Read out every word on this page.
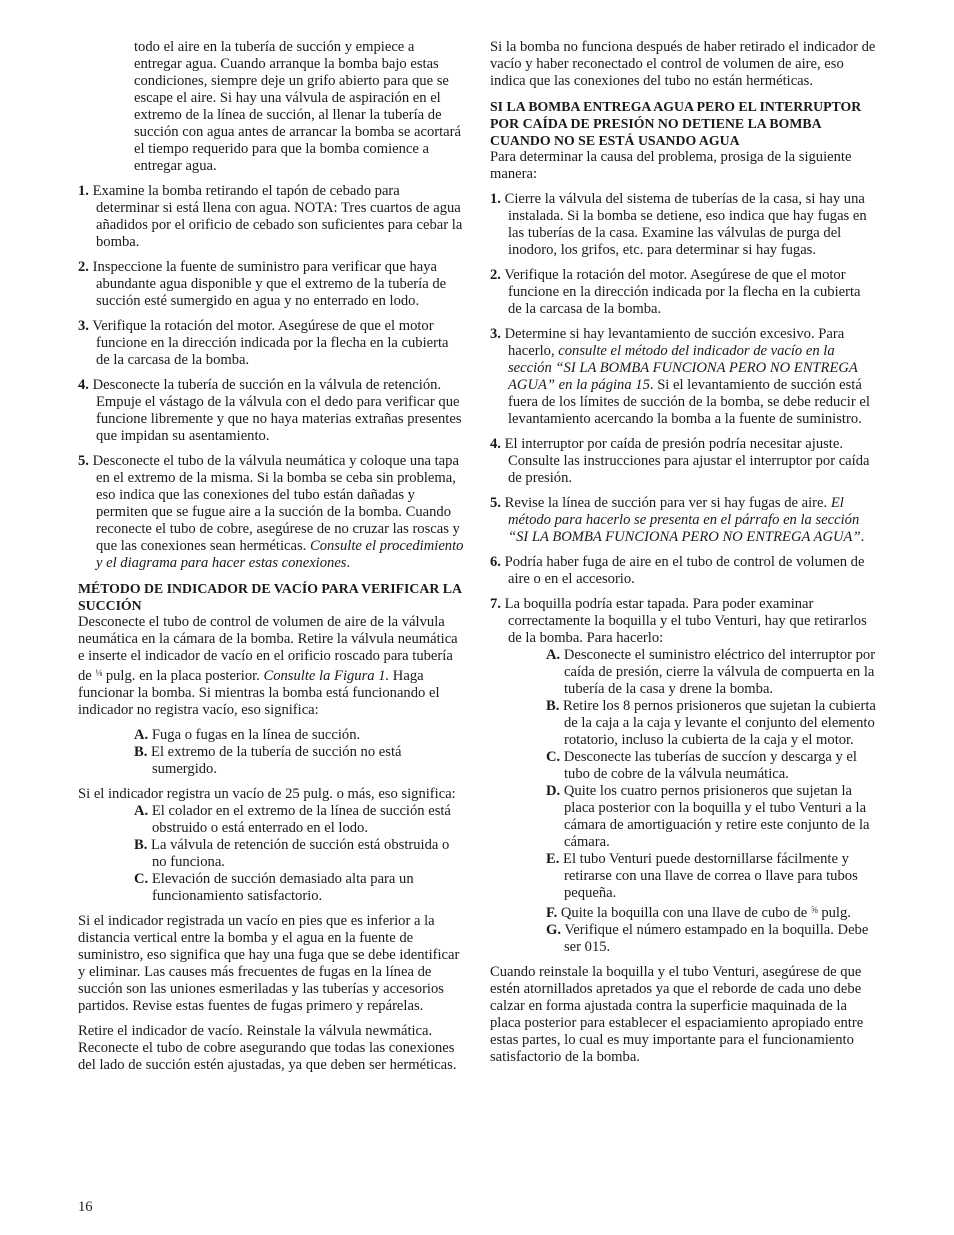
todo el aire en la tubería de succión y empiece a entregar agua. Cuando arranque la bomba bajo estas condiciones, siempre deje un grifo abierto para que se escape el aire. Si hay una válvula de aspiración en el extremo de la línea de succión, al llenar la tubería de succión con agua antes de arrancar la bomba se acortará el tiempo requerido para que la bomba comience a entregar agua.

1. Examine la bomba retirando el tapón de cebado para determinar si está llena con agua. NOTA: Tres cuartos de agua añadidos por el orificio de cebado son suficientes para cebar la bomba.

2. Inspeccione la fuente de suministro para verificar que haya abundante agua disponible y que el extremo de la tubería de succión esté sumergido en agua y no enterrado en lodo.

3. Verifique la rotación del motor. Asegúrese de que el motor funcione en la dirección indicada por la flecha en la cubierta de la carcasa de la bomba.

4. Desconecte la tubería de succión en la válvula de retención. Empuje el vástago de la válvula con el dedo para verificar que funcione libremente y que no haya materias extrañas presentes que impidan su asentamiento.

5. Desconecte el tubo de la válvula neumática y coloque una tapa en el extremo de la misma. Si la bomba se ceba sin problema, eso indica que las conexiones del tubo están dañadas y permiten que se fugue aire a la succión de la bomba. Cuando reconecte el tubo de cobre, asegúrese de no cruzar las roscas y que las conexiones sean herméticas. Consulte el procedimiento y el diagrama para hacer estas conexiones.

MÉTODO DE INDICADOR DE VACÍO PARA VERIFICAR LA SUCCIÓN

Desconecte el tubo de control de volumen de aire de la válvula neumática en la cámara de la bomba. Retire la válvula neumática e inserte el indicador de vacío en el orificio roscado para tubería de $^{\frac{1}{8}}$ pulg. en la placa posterior. Consulte la Figura 1. Haga funcionar la bomba. Si mientras la bomba está funcionando el indicador no registra vacío, eso significa:

A. Fuga o fugas en la línea de succión.

B. El extremo de la tubería de succión no está sumergido.

Si el indicador registra un vacío de 25 pulg. o más, eso significa:

A. El colador en el extremo de la línea de succión está obstruido o está enterrado en el lodo.

B. La válvula de retención de succión está obstruida o no funciona.

C. Elevación de succión demasiado alta para un funcionamiento satisfactorio.

Si el indicador registrada un vacío en pies que es inferior a la distancia vertical entre la bomba y el agua en la fuente de suministro, eso significa que hay una fuga que se debe identificar y eliminar. Las causes más frecuentes de fugas en la línea de succión son las uniones esmeriladas y las tuberías y accesorios partidos. Revise estas fuentes de fugas primero y repárelas.

Retire el indicador de vacío. Reinstale la válvula newmática. Reconecte el tubo de cobre asegurando que todas las conexiones del lado de succión estén ajustadas, ya que deben ser herméticas.

Si la bomba no funciona después de haber retirado el indicador de vacío y haber reconectado el control de volumen de aire, eso indica que las conexiones del tubo no están herméticas.

SI LA BOMBA ENTREGA AGUA PERO EL INTERRUPTOR POR CAÍDA DE PRESIÓN NO DETIENE LA BOMBA CUANDO NO SE ESTÁ USANDO AGUA

Para determinar la causa del problema, prosiga de la siguiente manera:

1. Cierre la válvula del sistema de tuberías de la casa, si hay una instalada. Si la bomba se detiene, eso indica que hay fugas en las tuberías de la casa. Examine las válvulas de purga del inodoro, los grifos, etc. para determinar si hay fugas.

2. Verifique la rotación del motor. Asegúrese de que el motor funcione en la dirección indicada por la flecha en la cubierta de la carcasa de la bomba.

3. Determine si hay levantamiento de succión excesivo. Para hacerlo, consulte el método del indicador de vacío en la sección “SI LA BOMBA FUNCIONA PERO NO ENTREGA AGUA” en la página 15. Si el levantamiento de succión está fuera de los límites de succión de la bomba, se debe reducir el levantamiento acercando la bomba a la fuente de suministro.

4. El interruptor por caída de presión podría necesitar ajuste. Consulte las instrucciones para ajustar el interruptor por caída de presión.

5. Revise la línea de succión para ver si hay fugas de aire. El método para hacerlo se presenta en el párrafo en la sección “SI LA BOMBA FUNCIONA PERO NO ENTREGA AGUA”.

6. Podría haber fuga de aire en el tubo de control de volumen de aire o en el accesorio.

7. La boquilla podría estar tapada. Para poder examinar correctamente la boquilla y el tubo Venturi, hay que retirarlos de la bomba. Para hacerlo:

A. Desconecte el suministro eléctrico del interruptor por caída de presión, cierre la válvula de compuerta en la tubería de la casa y drene la bomba.

B. Retire los 8 pernos prisioneros que sujetan la cubierta de la caja a la caja y levante el conjunto del elemento rotatorio, incluso la cubierta de la caja y el motor.

C. Desconecte las tuberías de succíon y descarga y el tubo de cobre de la válvula neumática.

D. Quite los cuatro pernos prisioneros que sujetan la placa posterior con la boquilla y el tubo Venturi a la cámara de amortiguación y retire este conjunto de la cámara.

E. El tubo Venturi puede destornillarse fácilmente y retirarse con una llave de correa o llave para tubos pequeña.

F. Quite la boquilla con una llave de cubo de $^{\frac{5}{8}}$ pulg.

G. Verifique el número estampado en la boquilla. Debe ser 015.

Cuando reinstale la boquilla y el tubo Venturi, asegúrese de que estén atornillados apretados ya que el reborde de cada uno debe calzar en forma ajustada contra la superficie maquinada de la placa posterior para establecer el espaciamiento apropiado entre estas partes, lo cual es muy importante para el funcionamiento satisfactorio de la bomba.

16
